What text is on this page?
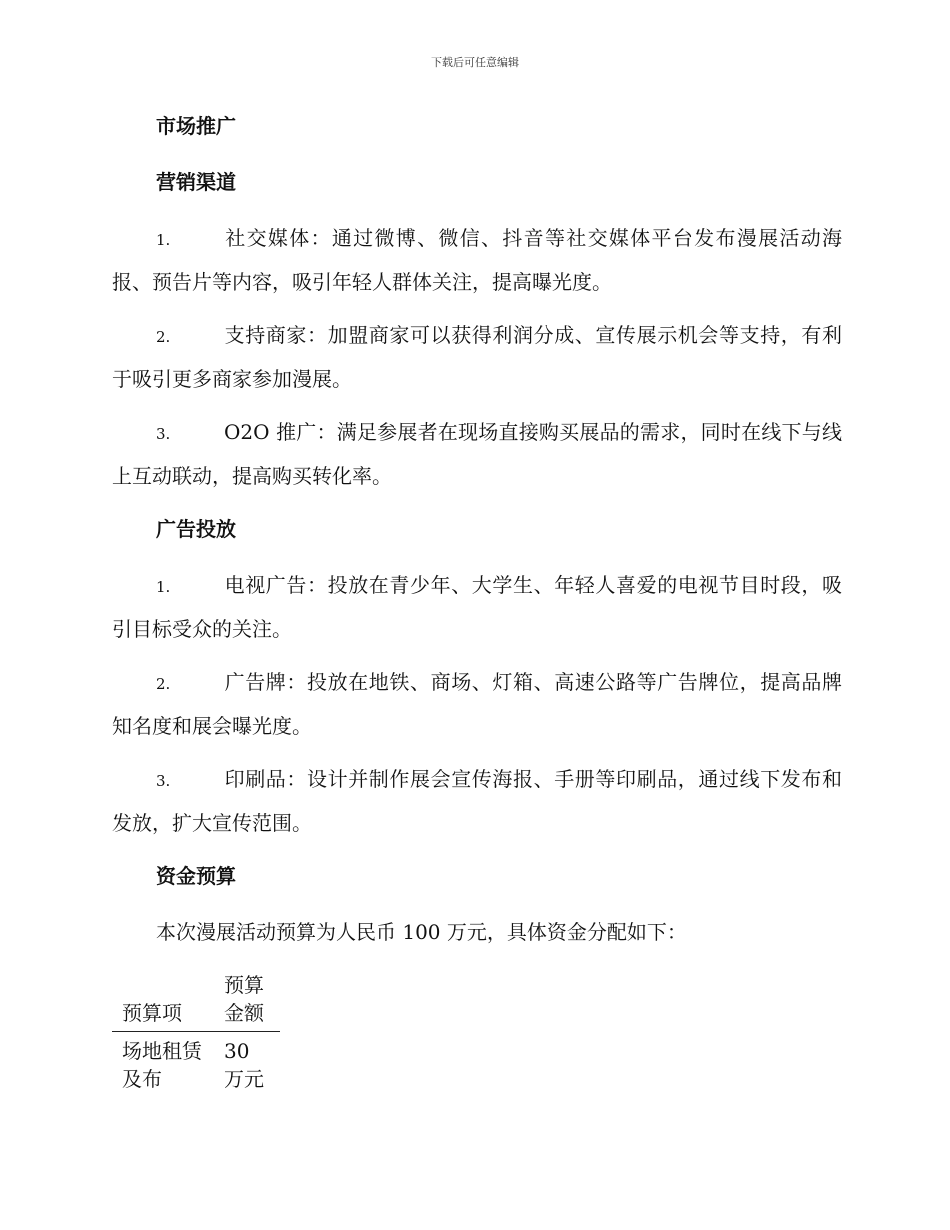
下载后可任意编辑
市场推广
营销渠道

1.	社交媒体：通过微博、微信、抖音等社交媒体平台发布漫展活动海报、预告片等内容，吸引年轻人群体关注，提高曝光度。

2.	支持商家：加盟商家可以获得利润分成、宣传展示机会等支持，有利于吸引更多商家参加漫展。

3.	O2O 推广：满足参展者在现场直接购买展品的需求，同时在线下与线上互动联动，提高购买转化率。

广告投放

1.	电视广告：投放在青少年、大学生、年轻人喜爱的电视节目时段，吸引目标受众的关注。

2.	广告牌：投放在地铁、商场、灯箱、高速公路等广告牌位，提高品牌知名度和展会曝光度。

3.	印刷品：设计并制作展会宣传海报、手册等印刷品，通过线下发布和发放，扩大宣传范围。

资金预算

本次漫展活动预算为人民币 100 万元，具体资金分配如下：

预算项	预算金额

场地租赁及布	30 万元
